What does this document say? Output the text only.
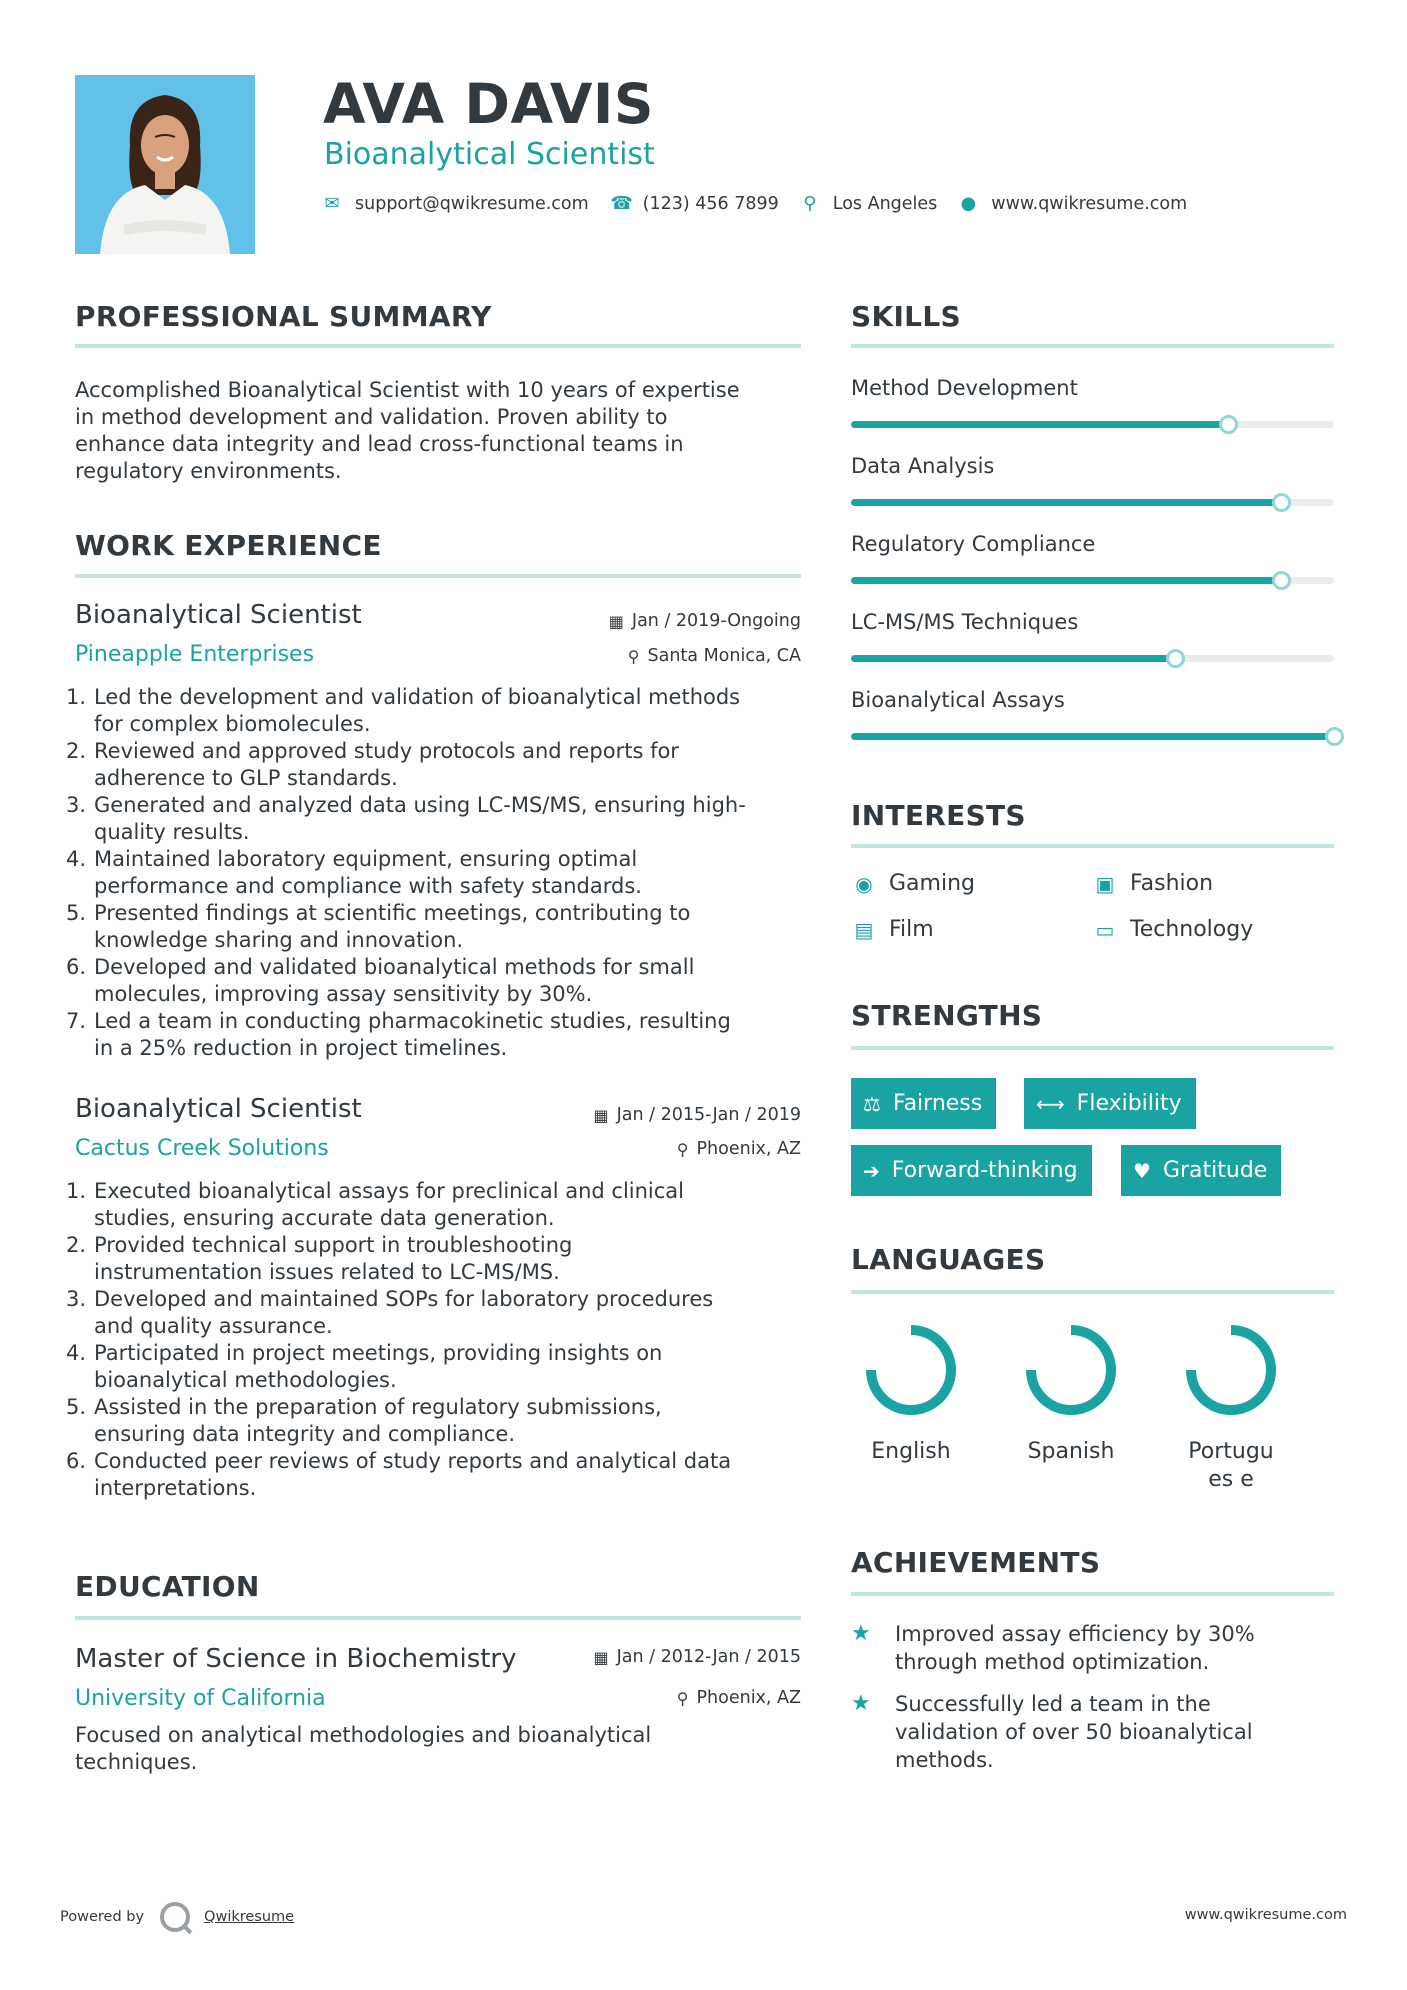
AVA DAVIS
Bioanalytical Scientist
✉ support@qwikresume.com ☎ (123) 456 7899 ⚲ Los Angeles ● www.qwikresume.com
PROFESSIONAL SUMMARY
Accomplished Bioanalytical Scientist with 10 years of expertise
in method development and validation. Proven ability to
enhance data integrity and lead cross-functional teams in
regulatory environments.
WORK EXPERIENCE
Bioanalytical Scientist	▦ Jan / 2019-Ongoing
Pineapple Enterprises	⚲ Santa Monica, CA
1. Led the development and validation of bioanalytical methods
for complex biomolecules.
2. Reviewed and approved study protocols and reports for
adherence to GLP standards.
3. Generated and analyzed data using LC-MS/MS, ensuring high-
quality results.
4. Maintained laboratory equipment, ensuring optimal
performance and compliance with safety standards.
5. Presented findings at scientific meetings, contributing to
knowledge sharing and innovation.
6. Developed and validated bioanalytical methods for small
molecules, improving assay sensitivity by 30%.
7. Led a team in conducting pharmacokinetic studies, resulting
in a 25% reduction in project timelines.
Bioanalytical Scientist	▦ Jan / 2015-Jan / 2019
Cactus Creek Solutions	⚲ Phoenix, AZ
1. Executed bioanalytical assays for preclinical and clinical
studies, ensuring accurate data generation.
2. Provided technical support in troubleshooting
instrumentation issues related to LC-MS/MS.
3. Developed and maintained SOPs for laboratory procedures
and quality assurance.
4. Participated in project meetings, providing insights on
bioanalytical methodologies.
5. Assisted in the preparation of regulatory submissions,
ensuring data integrity and compliance.
6. Conducted peer reviews of study reports and analytical data
interpretations.
EDUCATION
Master of Science in Biochemistry	▦ Jan / 2012-Jan / 2015
University of California	⚲ Phoenix, AZ
Focused on analytical methodologies and bioanalytical
techniques.
SKILLS
Method Development
Data Analysis
Regulatory Compliance
LC-MS/MS Techniques
Bioanalytical Assays
INTERESTS
◉ Gaming	▣ Fashion
▤ Film	▭ Technology
STRENGTHS
⚖ Fairness	⟷ Flexibility
➔ Forward-thinking	♥ Gratitude
LANGUAGES
English	Spanish	Portugues e
ACHIEVEMENTS
★	Improved assay efficiency by 30%
through method optimization.
★	Successfully led a team in the
validation of over 50 bioanalytical
methods.
Powered by	Qwikresume	www.qwikresume.com
